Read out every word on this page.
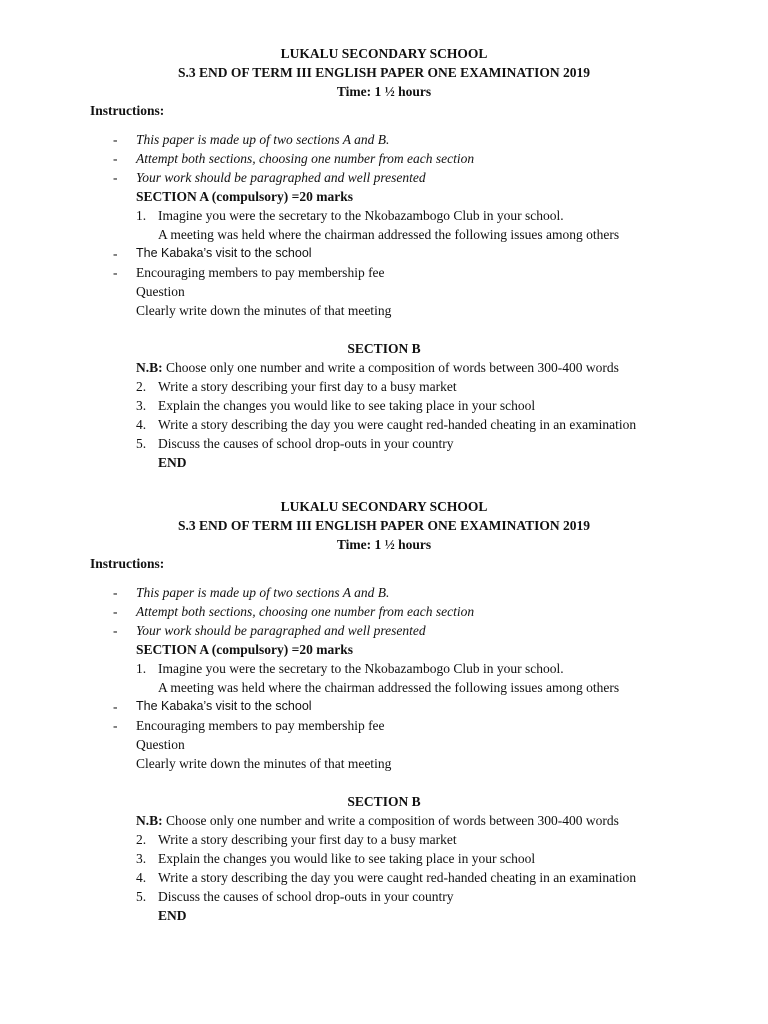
LUKALU SECONDARY SCHOOL
S.3 END OF TERM III ENGLISH PAPER ONE EXAMINATION 2019
Time: 1 ½ hours
Instructions:
-	This paper is made up of two sections A and B.
-	Attempt both sections, choosing one number from each section
-	Your work should be paragraphed and well presented
SECTION A (compulsory) =20 marks
1. Imagine you were the secretary to the Nkobazambogo Club in your school.
A meeting was held where the chairman addressed the following issues among others
-	The Kabaka’s visit to the school
-	Encouraging members to pay membership fee
Question
Clearly write down the minutes of that meeting
SECTION B
N.B: Choose only one number and write a composition of words between 300-400 words
2. Write a story describing your first day to a busy market
3. Explain the changes you would like to see taking place in your school
4. Write a story describing the day you were caught red-handed cheating in an examination
5. Discuss the causes of school drop-outs in your country
END
LUKALU SECONDARY SCHOOL
S.3 END OF TERM III ENGLISH PAPER ONE EXAMINATION 2019
Time: 1 ½ hours
Instructions:
-	This paper is made up of two sections A and B.
-	Attempt both sections, choosing one number from each section
-	Your work should be paragraphed and well presented
SECTION A (compulsory) =20 marks
1. Imagine you were the secretary to the Nkobazambogo Club in your school.
A meeting was held where the chairman addressed the following issues among others
-	The Kabaka’s visit to the school
-	Encouraging members to pay membership fee
Question
Clearly write down the minutes of that meeting
SECTION B
N.B: Choose only one number and write a composition of words between 300-400 words
2. Write a story describing your first day to a busy market
3. Explain the changes you would like to see taking place in your school
4. Write a story describing the day you were caught red-handed cheating in an examination
5. Discuss the causes of school drop-outs in your country
END
